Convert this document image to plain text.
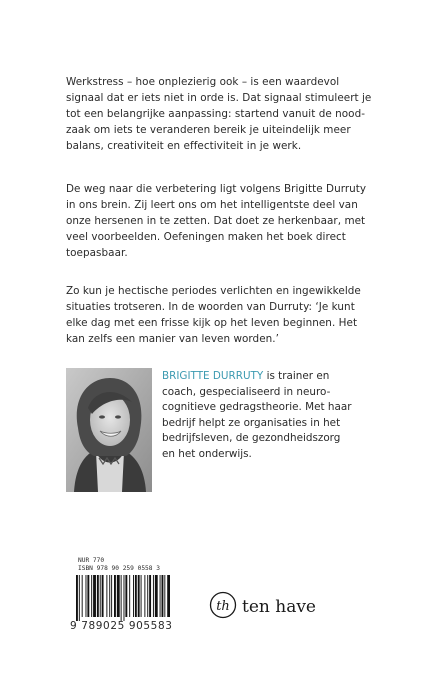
Werkstress – hoe onplezierig ook – is een waardevol
signaal dat er iets niet in orde is. Dat signaal stimuleert je
tot een belangrijke aanpassing: startend vanuit de nood-
zaak om iets te veranderen bereik je uiteindelijk meer
balans, creativiteit en effectiviteit in je werk.
De weg naar die verbetering ligt volgens Brigitte Durruty
in ons brein. Zij leert ons om het intelligentste deel van
onze hersenen in te zetten. Dat doet ze herkenbaar, met
veel voorbeelden. Oefeningen maken het boek direct
toepasbaar.
Zo kun je hectische periodes verlichten en ingewikkelde
situaties trotseren. In de woorden van Durruty: ‘Je kunt
elke dag met een frisse kijk op het leven beginnen. Het
kan zelfs een manier van leven worden.’

BRIGITTE DURRUTY is trainer en
coach, gespecialiseerd in neuro-
cognitieve gedragstheorie. Met haar
bedrijf helpt ze organisaties in het
bedrijfsleven, de gezondheidszorg
en het onderwijs.

NUR 770
ISBN 978 90 259 0558 3
9 789025 905583
th ten have
